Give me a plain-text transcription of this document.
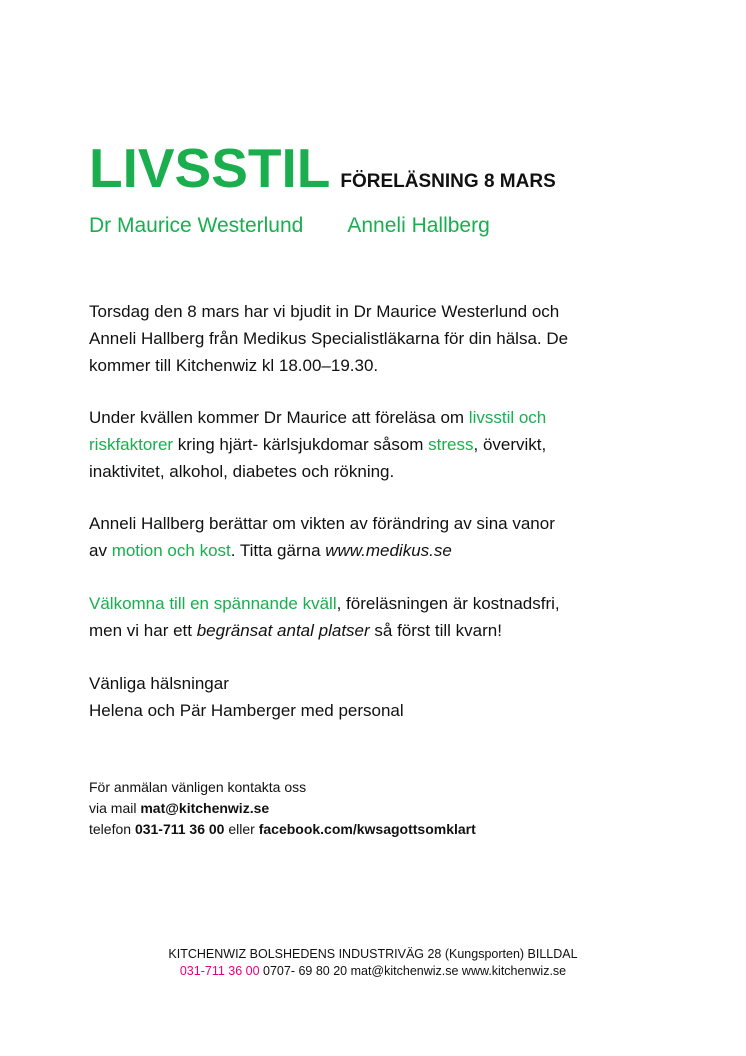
LIVSSTIL FÖRELÄSNING 8 MARS
Dr Maurice Westerlund Anneli Hallberg
Torsdag den 8 mars har vi bjudit in Dr Maurice Westerlund och
Anneli Hallberg från Medikus Specialistläkarna för din hälsa. De
kommer till Kitchenwiz kl 18.00–19.30.
Under kvällen kommer Dr Maurice att föreläsa om livsstil och
riskfaktorer kring hjärt- kärlsjukdomar såsom stress, övervikt,
inaktivitet, alkohol, diabetes och rökning.
Anneli Hallberg berättar om vikten av förändring av sina vanor
av motion och kost. Titta gärna www.medikus.se
Välkomna till en spännande kväll, föreläsningen är kostnadsfri,
men vi har ett begränsat antal platser så först till kvarn!
Vänliga hälsningar
Helena och Pär Hamberger med personal
För anmälan vänligen kontakta oss
via mail mat@kitchenwiz.se
telefon 031-711 36 00 eller facebook.com/kwsagottsomklart
KITCHENWIZ BOLSHEDENS INDUSTRIVÄG 28 (Kungsporten) BILLDAL
031-711 36 00 0707- 69 80 20 mat@kitchenwiz.se www.kitchenwiz.se
